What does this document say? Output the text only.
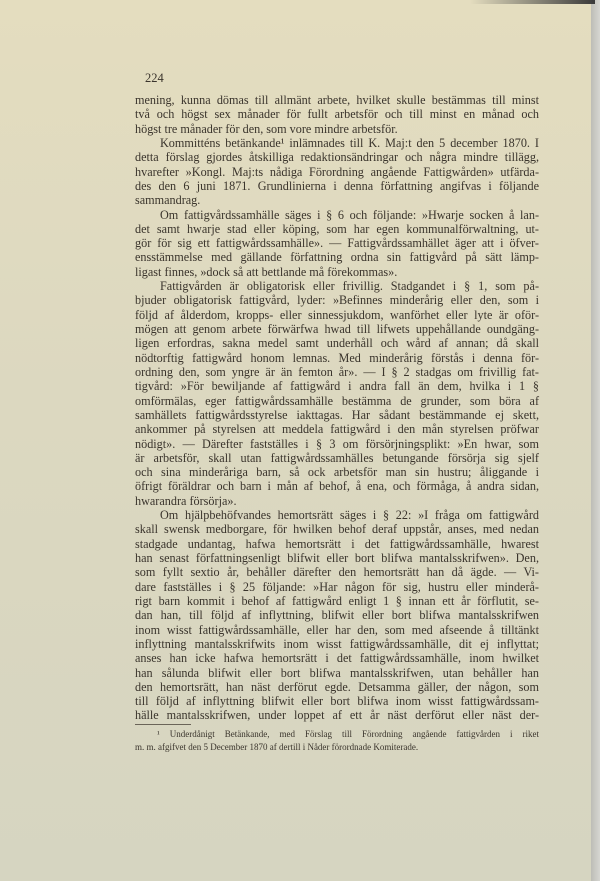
224
mening, kunna dömas till allmänt arbete, hvilket skulle bestämmas till minst
två och högst sex månader för fullt arbetsför och till minst en månad och
högst tre månader för den, som vore mindre arbetsför.
Kommitténs betänkande¹ inlämnades till K. Maj:t den 5 december 1870. I
detta förslag gjordes åtskilliga redaktionsändringar och några mindre tillägg,
hvarefter »Kongl. Maj:ts nådiga Förordning angående Fattigwården» utfärda-
des den 6 juni 1871. Grundlinierna i denna författning angifvas i följande
sammandrag.
Om fattigvårdssamhälle säges i § 6 och följande: »Hwarje socken å lan-
det samt hwarje stad eller köping, som har egen kommunalförwaltning, ut-
gör för sig ett fattigwårdssamhälle». — Fattigvårdssamhället äger att i öfver-
ensstämmelse med gällande författning ordna sin fattigvård på sätt lämp-
ligast finnes, »dock så att bettlande må förekommas».
Fattigvården är obligatorisk eller frivillig. Stadgandet i § 1, som på-
bjuder obligatorisk fattigvård, lyder: »Befinnes minderårig eller den, som i
följd af ålderdom, kropps- eller sinnessjukdom, wanförhet eller lyte är oför-
mögen att genom arbete förwärfwa hwad till lifwets uppehållande oundgäng-
ligen erfordras, sakna medel samt underhåll och wård af annan; då skall
nödtorftig fattigwård honom lemnas. Med minderårig förstås i denna för-
ordning den, som yngre är än femton år». — I § 2 stadgas om frivillig fat-
tigvård: »För bewiljande af fattigwård i andra fall än dem, hvilka i 1 §
omförmälas, eger fattigwårdssamhälle bestämma de grunder, som böra af
samhällets fattigwårdsstyrelse iakttagas. Har sådant bestämmande ej skett,
ankommer på styrelsen att meddela fattigwård i den mån styrelsen pröfwar
nödigt». — Därefter fastställes i § 3 om försörjningsplikt: »En hwar, som
är arbetsför, skall utan fattigwårdssamhälles betungande försörja sig sjelf
och sina minderåriga barn, så ock arbetsför man sin hustru; åliggande i
öfrigt föräldrar och barn i mån af behof, å ena, och förmåga, å andra sidan,
hwarandra försörja».
Om hjälpbehöfvandes hemortsrätt säges i § 22: »I fråga om fattigwård
skall swensk medborgare, för hwilken behof deraf uppstår, anses, med nedan
stadgade undantag, hafwa hemortsrätt i det fattigwårdssamhälle, hwarest
han senast författningsenligt blifwit eller bort blifwa mantalsskrifwen». Den,
som fyllt sextio år, behåller därefter den hemortsrätt han då ägde. — Vi-
dare fastställes i § 25 följande: »Har någon för sig, hustru eller minderå-
rigt barn kommit i behof af fattigwård enligt 1 § innan ett år förflutit, se-
dan han, till följd af inflyttning, blifwit eller bort blifwa mantalsskrifwen
inom wisst fattigwårdssamhälle, eller har den, som med afseende å tilltänkt
inflyttning mantalsskrifwits inom wisst fattigwårdssamhälle, dit ej inflyttat;
anses han icke hafwa hemortsrätt i det fattigwårdssamhälle, inom hwilket
han sålunda blifwit eller bort blifwa mantalsskrifwen, utan behåller han
den hemortsrätt, han näst derförut egde. Detsamma gäller, der någon, som
till följd af inflyttning blifwit eller bort blifwa inom wisst fattigwårdssam-
hälle mantalsskrifwen, under loppet af ett år näst derförut eller näst der-
¹ Underdånigt Betänkande, med Förslag till Förordning angående fattigvården i riket
m. m. afgifvet den 5 December 1870 af dertill i Nåder förordnade Komiterade.
